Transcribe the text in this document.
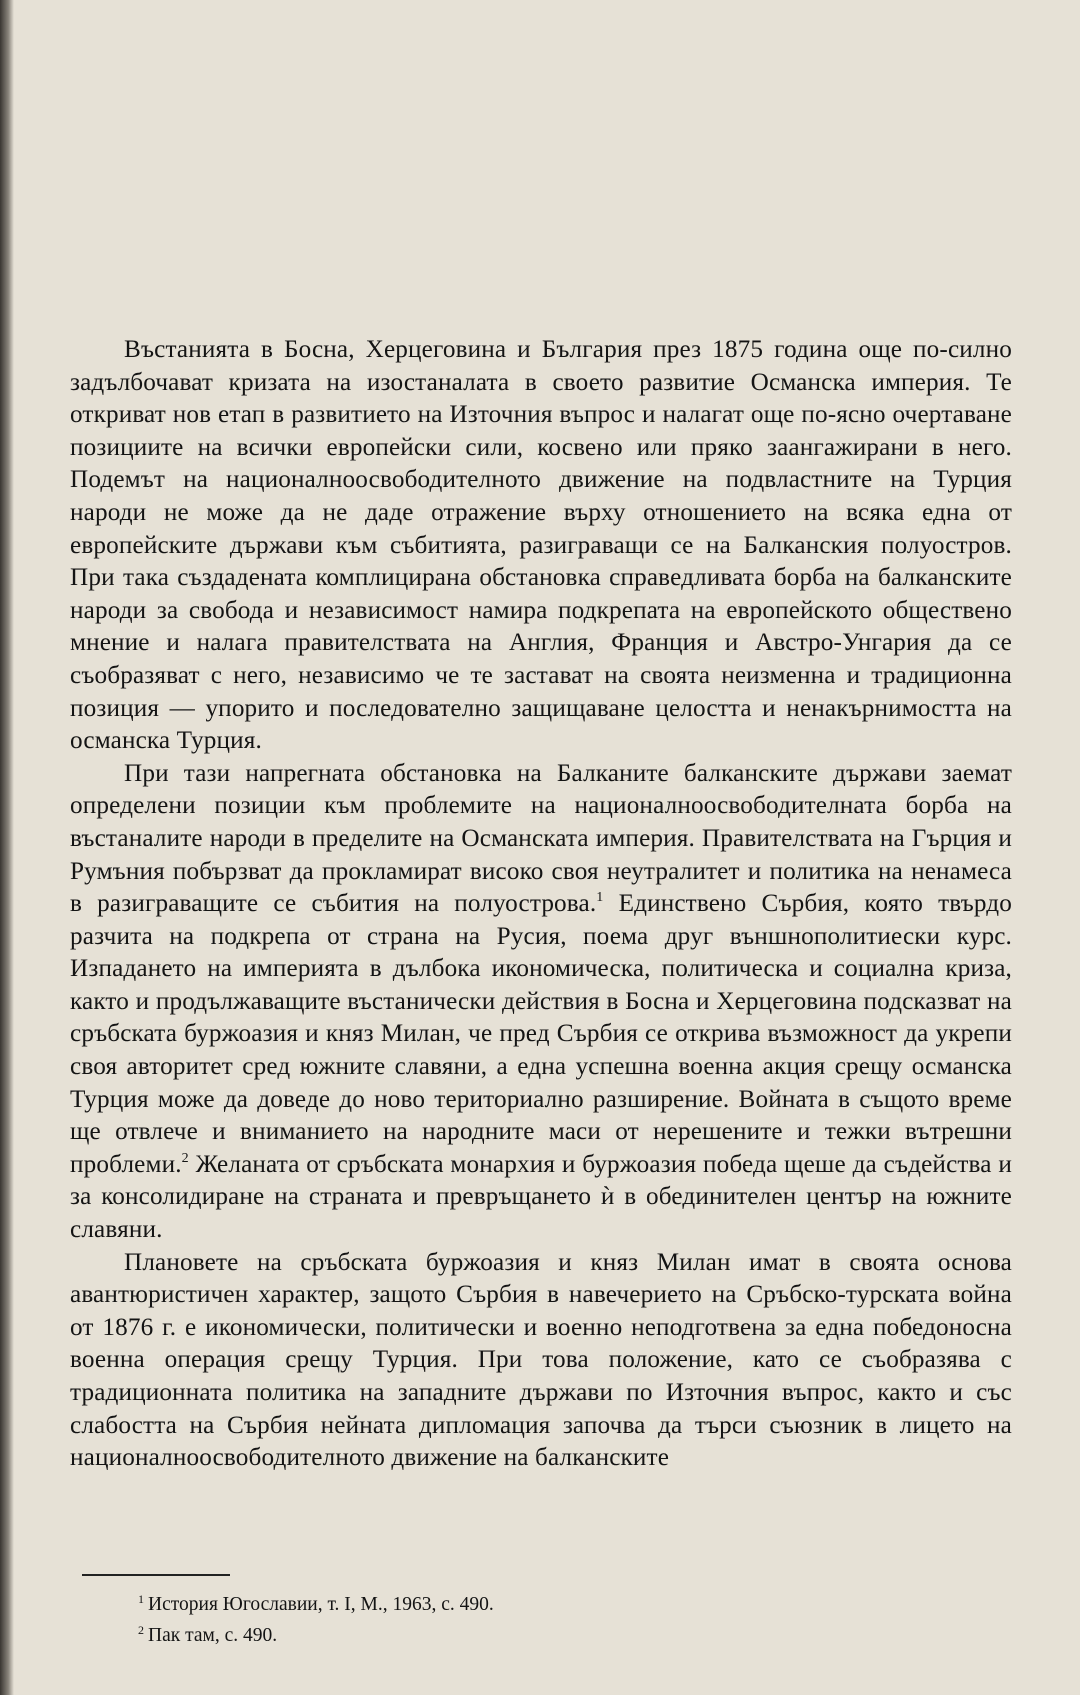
Въстанията в Босна, Херцеговина и България през 1875 година още по-силно задълбочават кризата на изостаналата в своето развитие Османска империя. Те откриват нов етап в развитието на Източния въпрос и налагат още по-ясно очертаване позициите на всички европейски сили, косвено или пряко заангажирани в него. Подемът на националноосвободителното движение на подвластните на Турция народи не може да не даде отражение върху отношението на всяка една от европейските държави към събитията, разиграващи се на Балканския полуостров. При така създадената комплицирана обстановка справедливата борба на балканските народи за свобода и независимост намира подкрепата на европейското обществено мнение и налага правителствата на Англия, Франция и Австро-Унгария да се съобразяват с него, независимо че те застават на своята неизменна и традиционна позиция — упорито и последователно защищаване целостта и ненакърнимостта на османска Турция.

При тази напрегната обстановка на Балканите балканските държави заемат определени позиции към проблемите на националноосвободителната борба на въстаналите народи в пределите на Османската империя. Правителствата на Гърция и Румъния побързват да прокламират високо своя неутралитет и политика на ненамеса в разиграващите се събития на полуострова.$^1$ Единствено Сърбия, която твърдо разчита на подкрепа от страна на Русия, поема друг външнополитиески курс. Изпадането на империята в дълбока икономическа, политическа и социална криза, както и продължаващите въстанически действия в Босна и Херцеговина подсказват на сръбската буржоазия и княз Милан, че пред Сърбия се открива възможност да укрепи своя авторитет сред южните славяни, а една успешна военна акция срещу османска Турция може да доведе до ново териториално разширение. Войната в същото време ще отвлече и вниманието на народните маси от нерешените и тежки вътрешни проблеми.$^2$ Желаната от сръбската монархия и буржоазия победа щеше да съдейства и за консолидиране на страната и превръщането ѝ в обединителен център на южните славяни.

Плановете на сръбската буржоазия и княз Милан имат в своята основа авантюристичен характер, защото Сърбия в навечерието на Сръбско-турската война от 1876 г. е икономически, политически и военно неподготвена за една победоносна военна операция срещу Турция. При това положение, като се съобразява с традиционната политика на западните държави по Източния въпрос, както и със слабостта на Сърбия нейната дипломация започва да търси съюзник в лицето на националноосвободителното движение на балканските

$^1$ История Югославии, т. I, М., 1963, с. 490.

$^2$ Пак там, с. 490.
